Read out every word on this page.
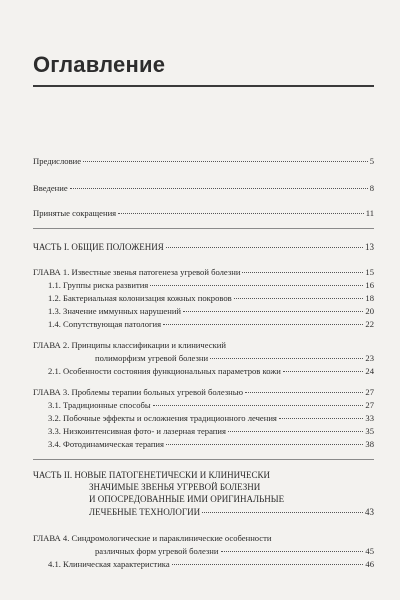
Оглавление
Предисловие	5
Введение	8
Принятые сокращения	11
ЧАСТЬ I. ОБЩИЕ ПОЛОЖЕНИЯ	13
ГЛАВА 1. Известные звенья патогенеза угревой болезни	15
1.1. Группы риска развития	16
1.2. Бактериальная колонизация кожных покровов	18
1.3. Значение иммунных нарушений	20
1.4. Сопутствующая патология	22
ГЛАВА 2. Принципы классификации и клинический
полиморфизм угревой болезни	23
2.1. Особенности состояния функциональных параметров кожи	24
ГЛАВА 3. Проблемы терапии больных угревой болезнью	27
3.1. Традиционные способы	27
3.2. Побочные эффекты и осложнения традиционного лечения	33
3.3. Низкоинтенсивная фото- и лазерная терапия	35
3.4. Фотодинамическая терапия	38
ЧАСТЬ II. НОВЫЕ ПАТОГЕНЕТИЧЕСКИ И КЛИНИЧЕСКИ
ЗНАЧИМЫЕ ЗВЕНЬЯ УГРЕВОЙ БОЛЕЗНИ
И ОПОСРЕДОВАННЫЕ ИМИ ОРИГИНАЛЬНЫЕ
ЛЕЧЕБНЫЕ ТЕХНОЛОГИИ	43
ГЛАВА 4. Синдромологические и параклинические особенности
различных форм угревой болезни	45
4.1. Клиническая характеристика	46
